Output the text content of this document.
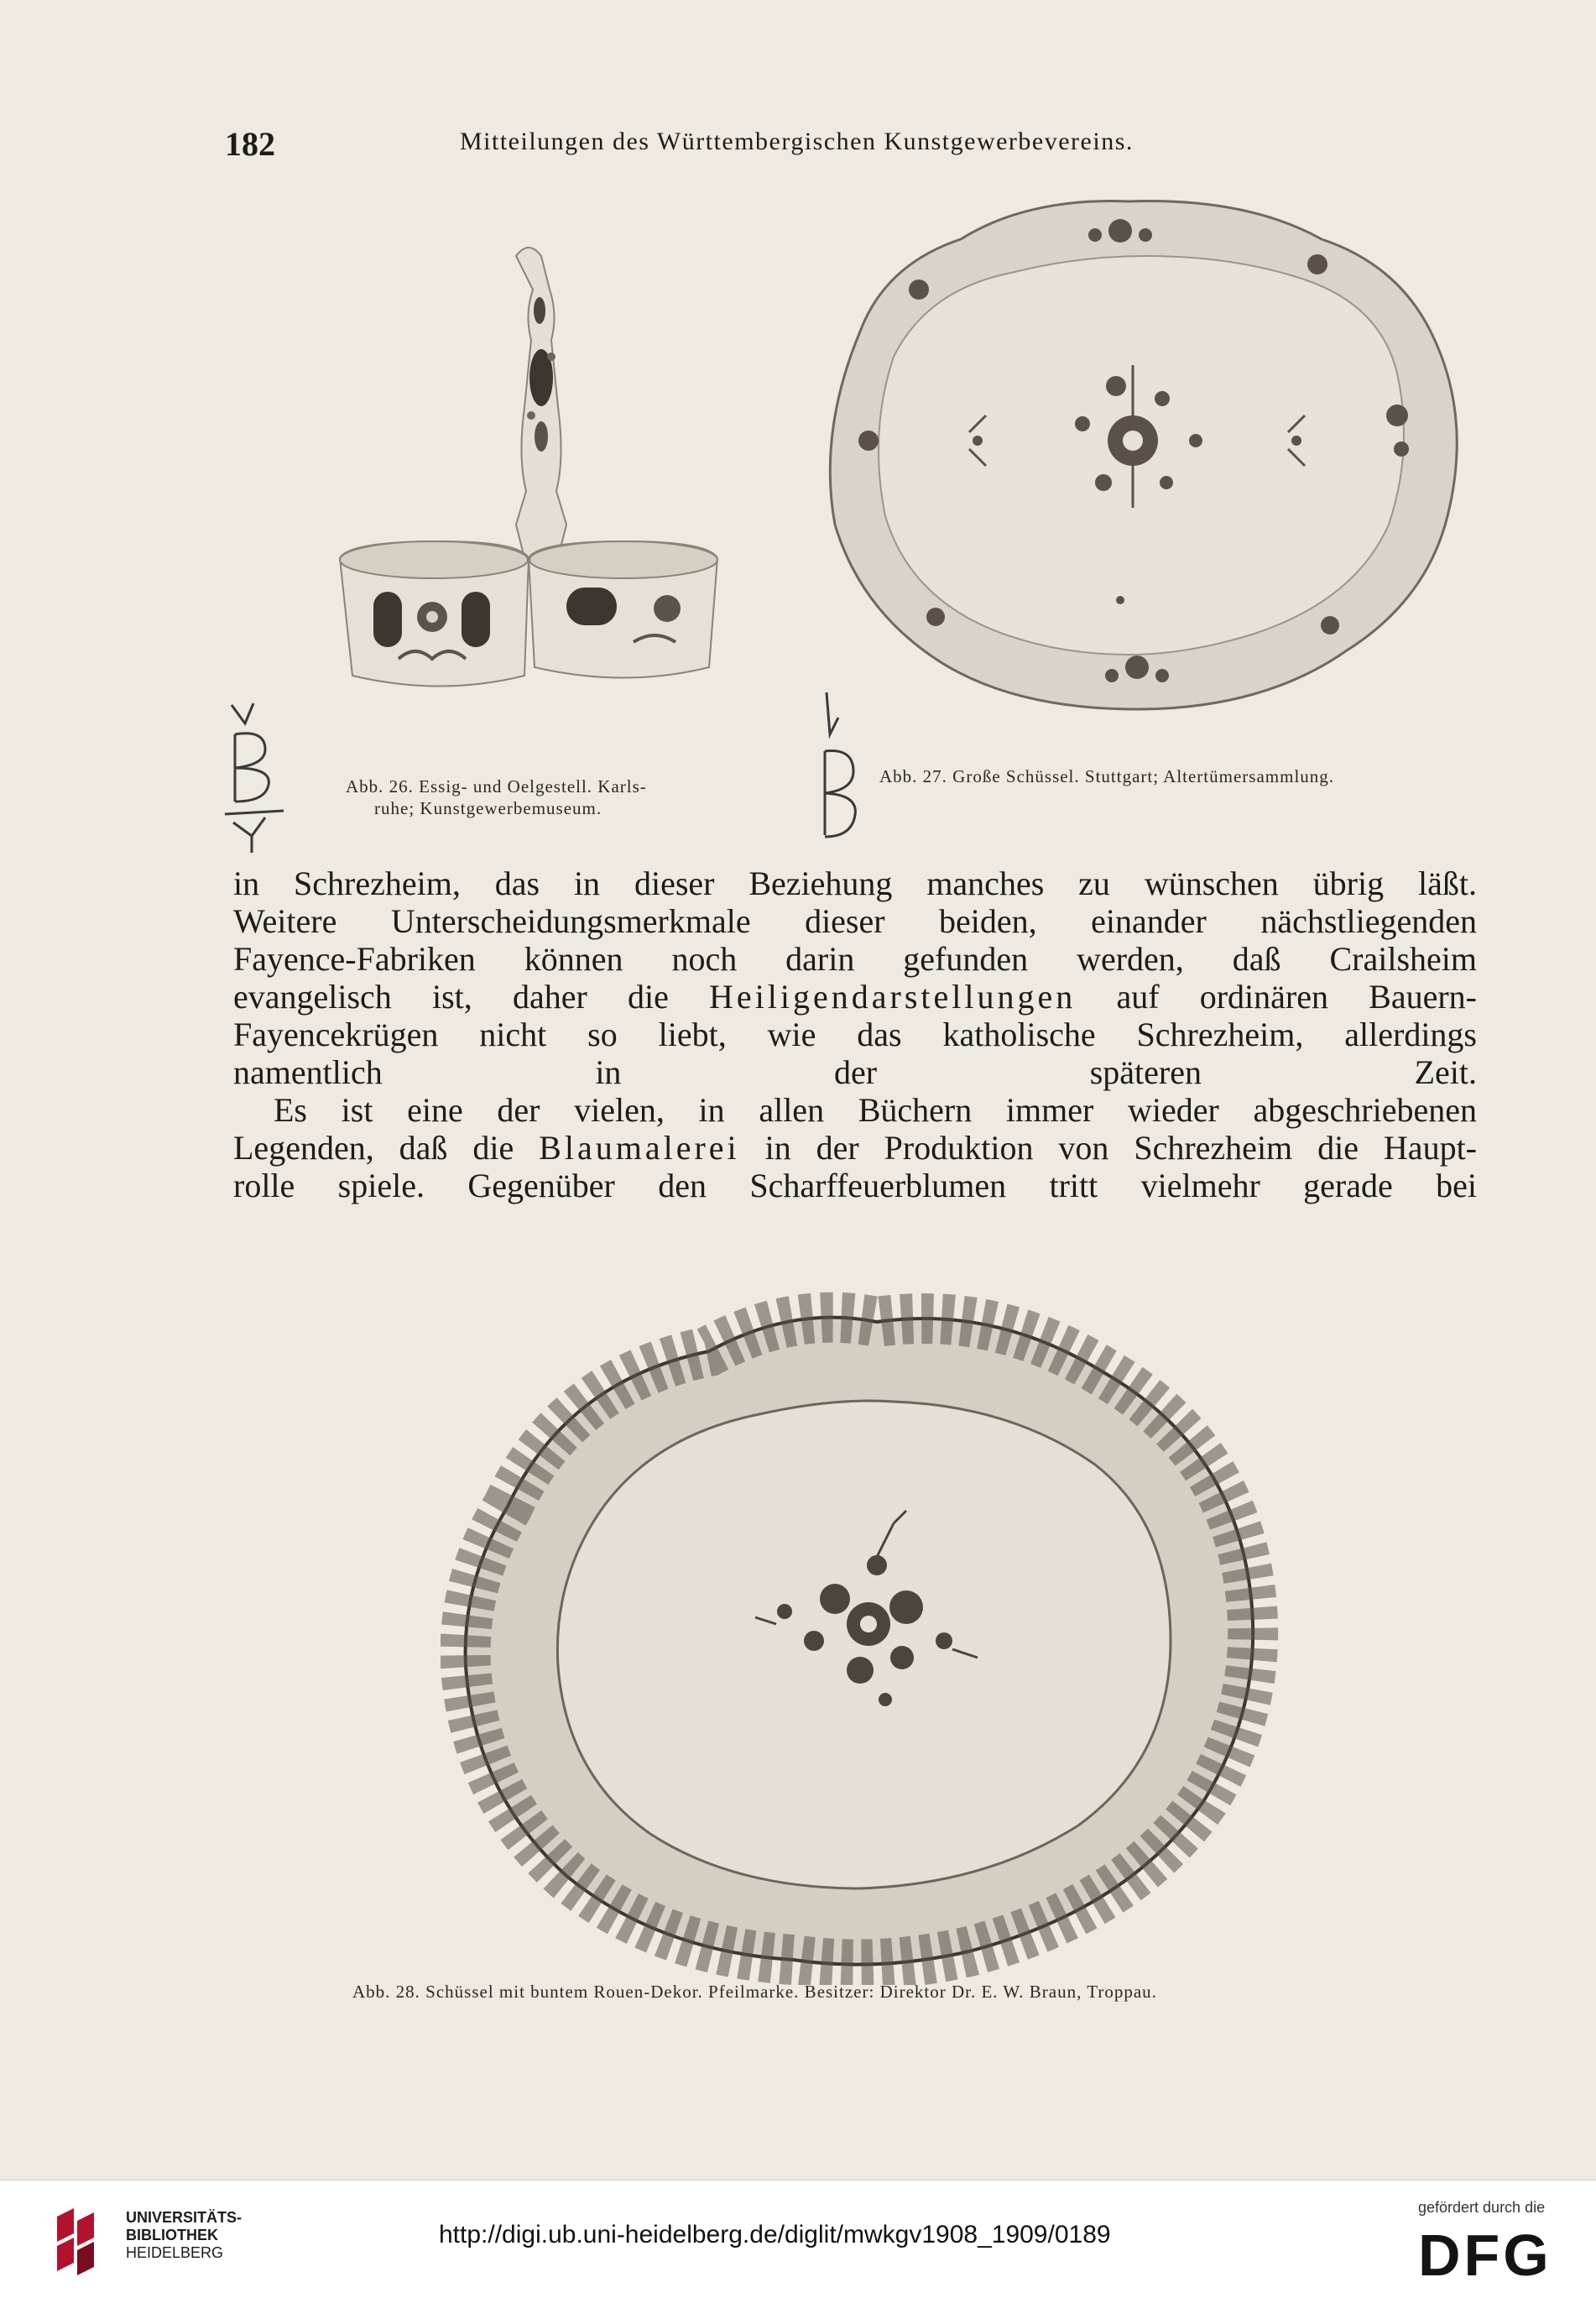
182	Mitteilungen des Württembergischen Kunstgewerbevereins.
Abb. 26. Essig- und Oelgestell. Karls-
ruhe; Kunstgewerbemuseum.
Abb. 27. Große Schüssel. Stuttgart; Altertümersammlung.

in Schrezheim, das in dieser Beziehung manches zu wünschen übrig läßt.
Weitere Unterscheidungsmerkmale dieser beiden, einander nächstliegenden
Fayence-Fabriken können noch darin gefunden werden, daß Crailsheim
evangelisch ist, daher die Heiligendarstellungen auf ordinären Bauern-
Fayencekrügen nicht so liebt, wie das katholische Schrezheim, allerdings
namentlich in der späteren Zeit.

Es ist eine der vielen, in allen Büchern immer wieder abgeschriebenen
Legenden, daß die Blaumalerei in der Produktion von Schrezheim die Haupt-
rolle spiele. Gegenüber den Scharffeuerblumen tritt vielmehr gerade bei

Abb. 28. Schüssel mit buntem Rouen-Dekor. Pfeilmarke. Besitzer: Direktor Dr. E. W. Braun, Troppau.
UNIVERSITÄTS-
BIBLIOTHEK
HEIDELBERG
http://digi.ub.uni-heidelberg.de/diglit/mwkgv1908_1909/0189
gefördert durch die
DFG
